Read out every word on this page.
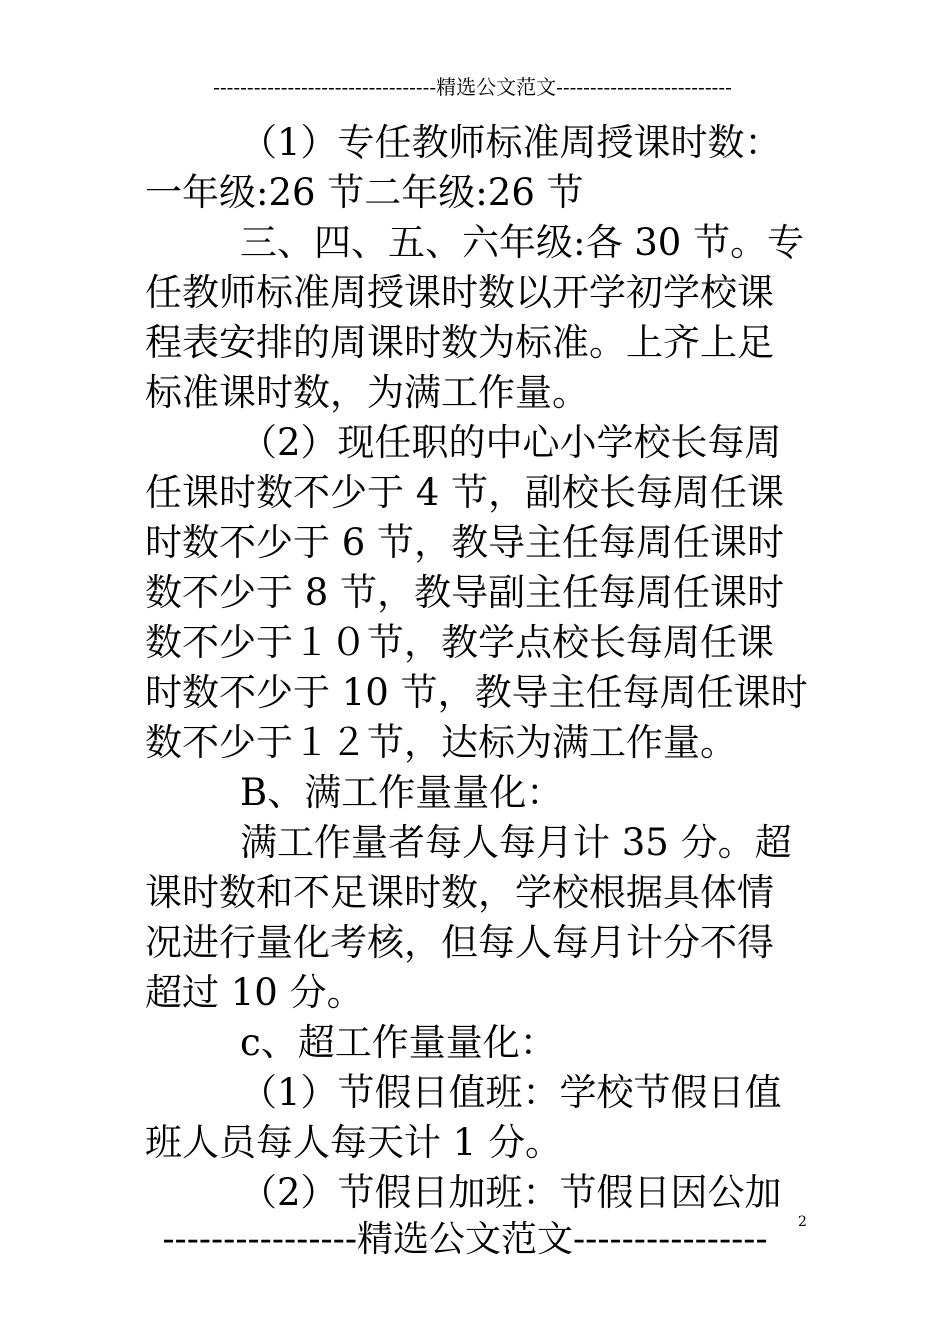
---------------------------------精选公文范文--------------------------
（1）专任教师标准周授课时数：
一年级:26 节二年级:26 节
三、四、五、六年级:各 30 节。专
任教师标准周授课时数以开学初学校课
程表安排的周课时数为标准。上齐上足
标准课时数，为满工作量。
（2）现任职的中心小学校长每周
任课时数不少于 4 节，副校长每周任课
时数不少于 6 节，教导主任每周任课时
数不少于 8 节，教导副主任每周任课时
数不少于１０节，教学点校长每周任课
时数不少于 10 节，教导主任每周任课时
数不少于１２节，达标为满工作量。
B、满工作量量化：
满工作量者每人每月计 35 分。超
课时数和不足课时数，学校根据具体情
况进行量化考核，但每人每月计分不得
超过 10 分。
c、超工作量量化：
（1）节假日值班：学校节假日值
班人员每人每天计 1 分。
（2）节假日加班：节假日因公加
2
----------------精选公文范文----------------
